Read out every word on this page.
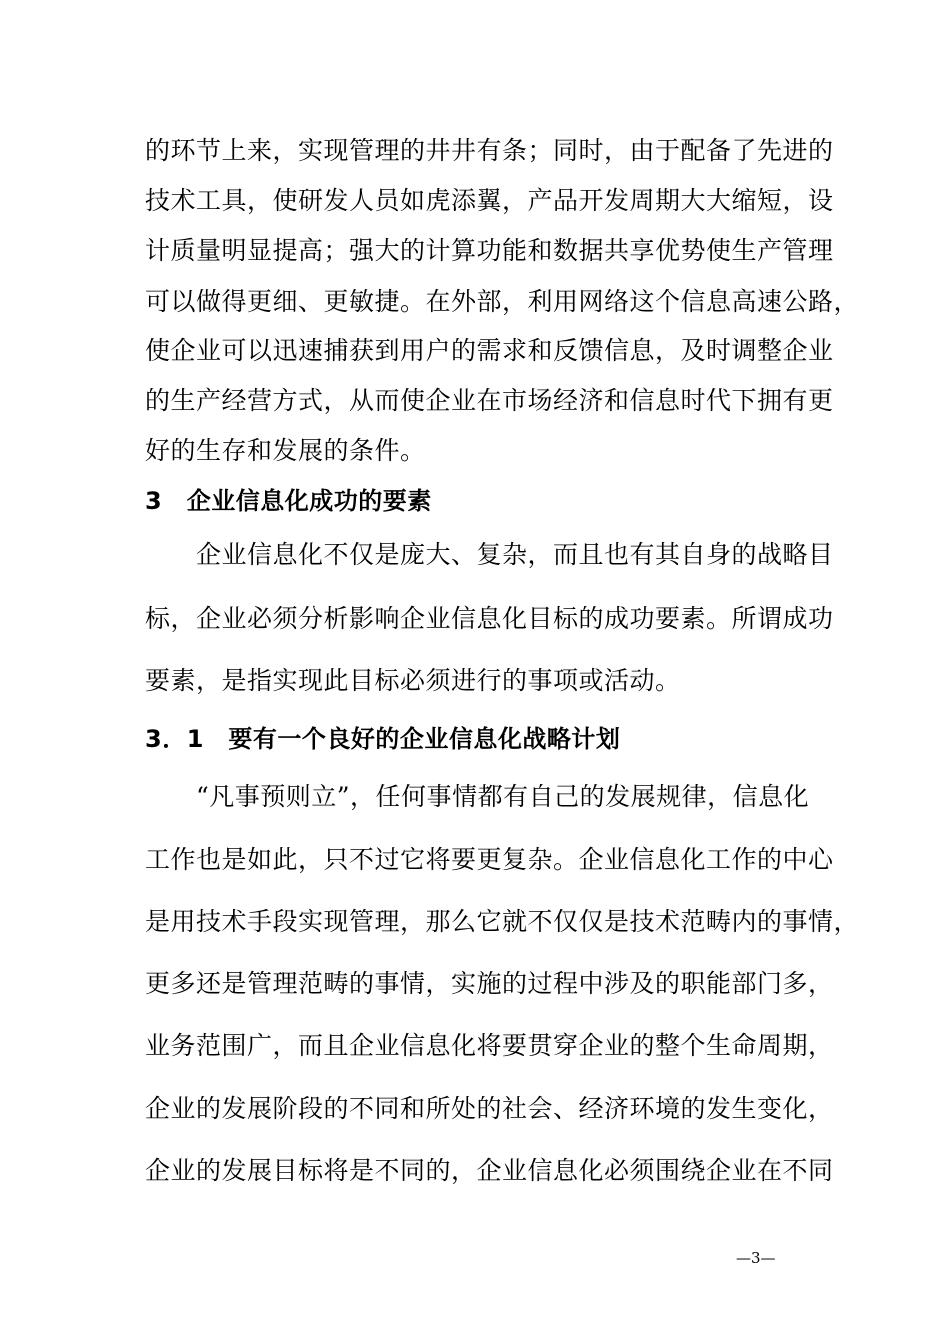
的环节上来，实现管理的井井有条；同时，由于配备了先进的
技术工具，使研发人员如虎添翼，产品开发周期大大缩短，设
计质量明显提高；强大的计算功能和数据共享优势使生产管理
可以做得更细、更敏捷。在外部，利用网络这个信息高速公路，
使企业可以迅速捕获到用户的需求和反馈信息，及时调整企业
的生产经营方式，从而使企业在市场经济和信息时代下拥有更
好的生存和发展的条件。
3　企业信息化成功的要素
　　企业信息化不仅是庞大、复杂，而且也有其自身的战略目
标，企业必须分析影响企业信息化目标的成功要素。所谓成功
要素，是指实现此目标必须进行的事项或活动。
3．1　要有一个良好的企业信息化战略计划
　　“凡事预则立”，任何事情都有自己的发展规律，信息化
工作也是如此，只不过它将要更复杂。企业信息化工作的中心
是用技术手段实现管理，那么它就不仅仅是技术范畴内的事情，
更多还是管理范畴的事情，实施的过程中涉及的职能部门多，
业务范围广，而且企业信息化将要贯穿企业的整个生命周期，
企业的发展阶段的不同和所处的社会、经济环境的发生变化，
企业的发展目标将是不同的，企业信息化必须围绕企业在不同
—3—
